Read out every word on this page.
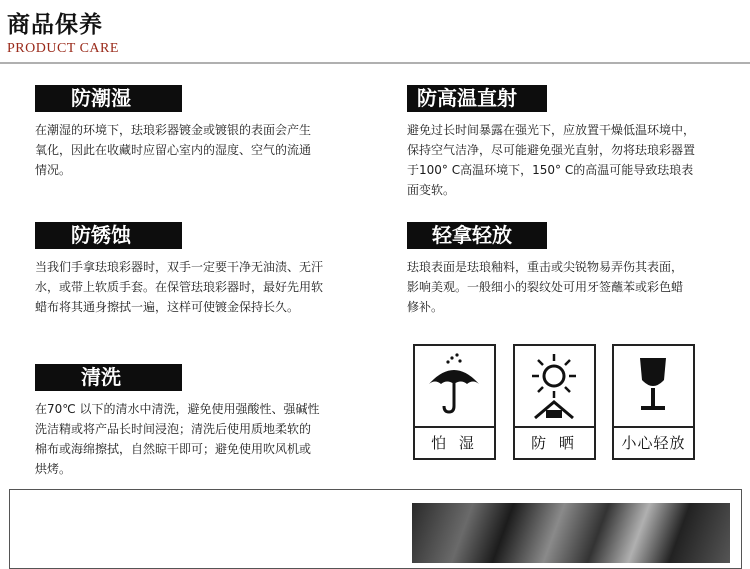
商品保养
PRODUCT CARE
防潮湿
在潮湿的环境下，珐琅彩器镀金或镀银的表面会产生
氧化，因此在收藏时应留心室内的湿度、空气的流通
情况。
防高温直射
避免过长时间暴露在强光下，应放置干燥低温环境中，
保持空气洁净，尽可能避免强光直射，勿将珐琅彩器置
于100° C高温环境下，150° C的高温可能导致珐琅表
面变软。
防锈蚀
当我们手拿珐琅彩器时，双手一定要干净无油渍、无汗
水，或带上软质手套。在保管珐琅彩器时，最好先用软
蜡布将其通身擦拭一遍，这样可使镀金保持长久。
轻拿轻放
珐琅表面是珐琅釉料，重击或尖锐物易弄伤其表面，
影响美观。一般细小的裂纹处可用牙签蘸苯或彩色蜡
修补。
清洗
在70℃ 以下的清水中清洗，避免使用强酸性、强碱性
洗洁精或将产品长时间浸泡；清洗后使用质地柔软的
棉布或海绵擦拭，自然晾干即可；避免使用吹风机或
烘烤。
怕 湿	防 晒	小心轻放
